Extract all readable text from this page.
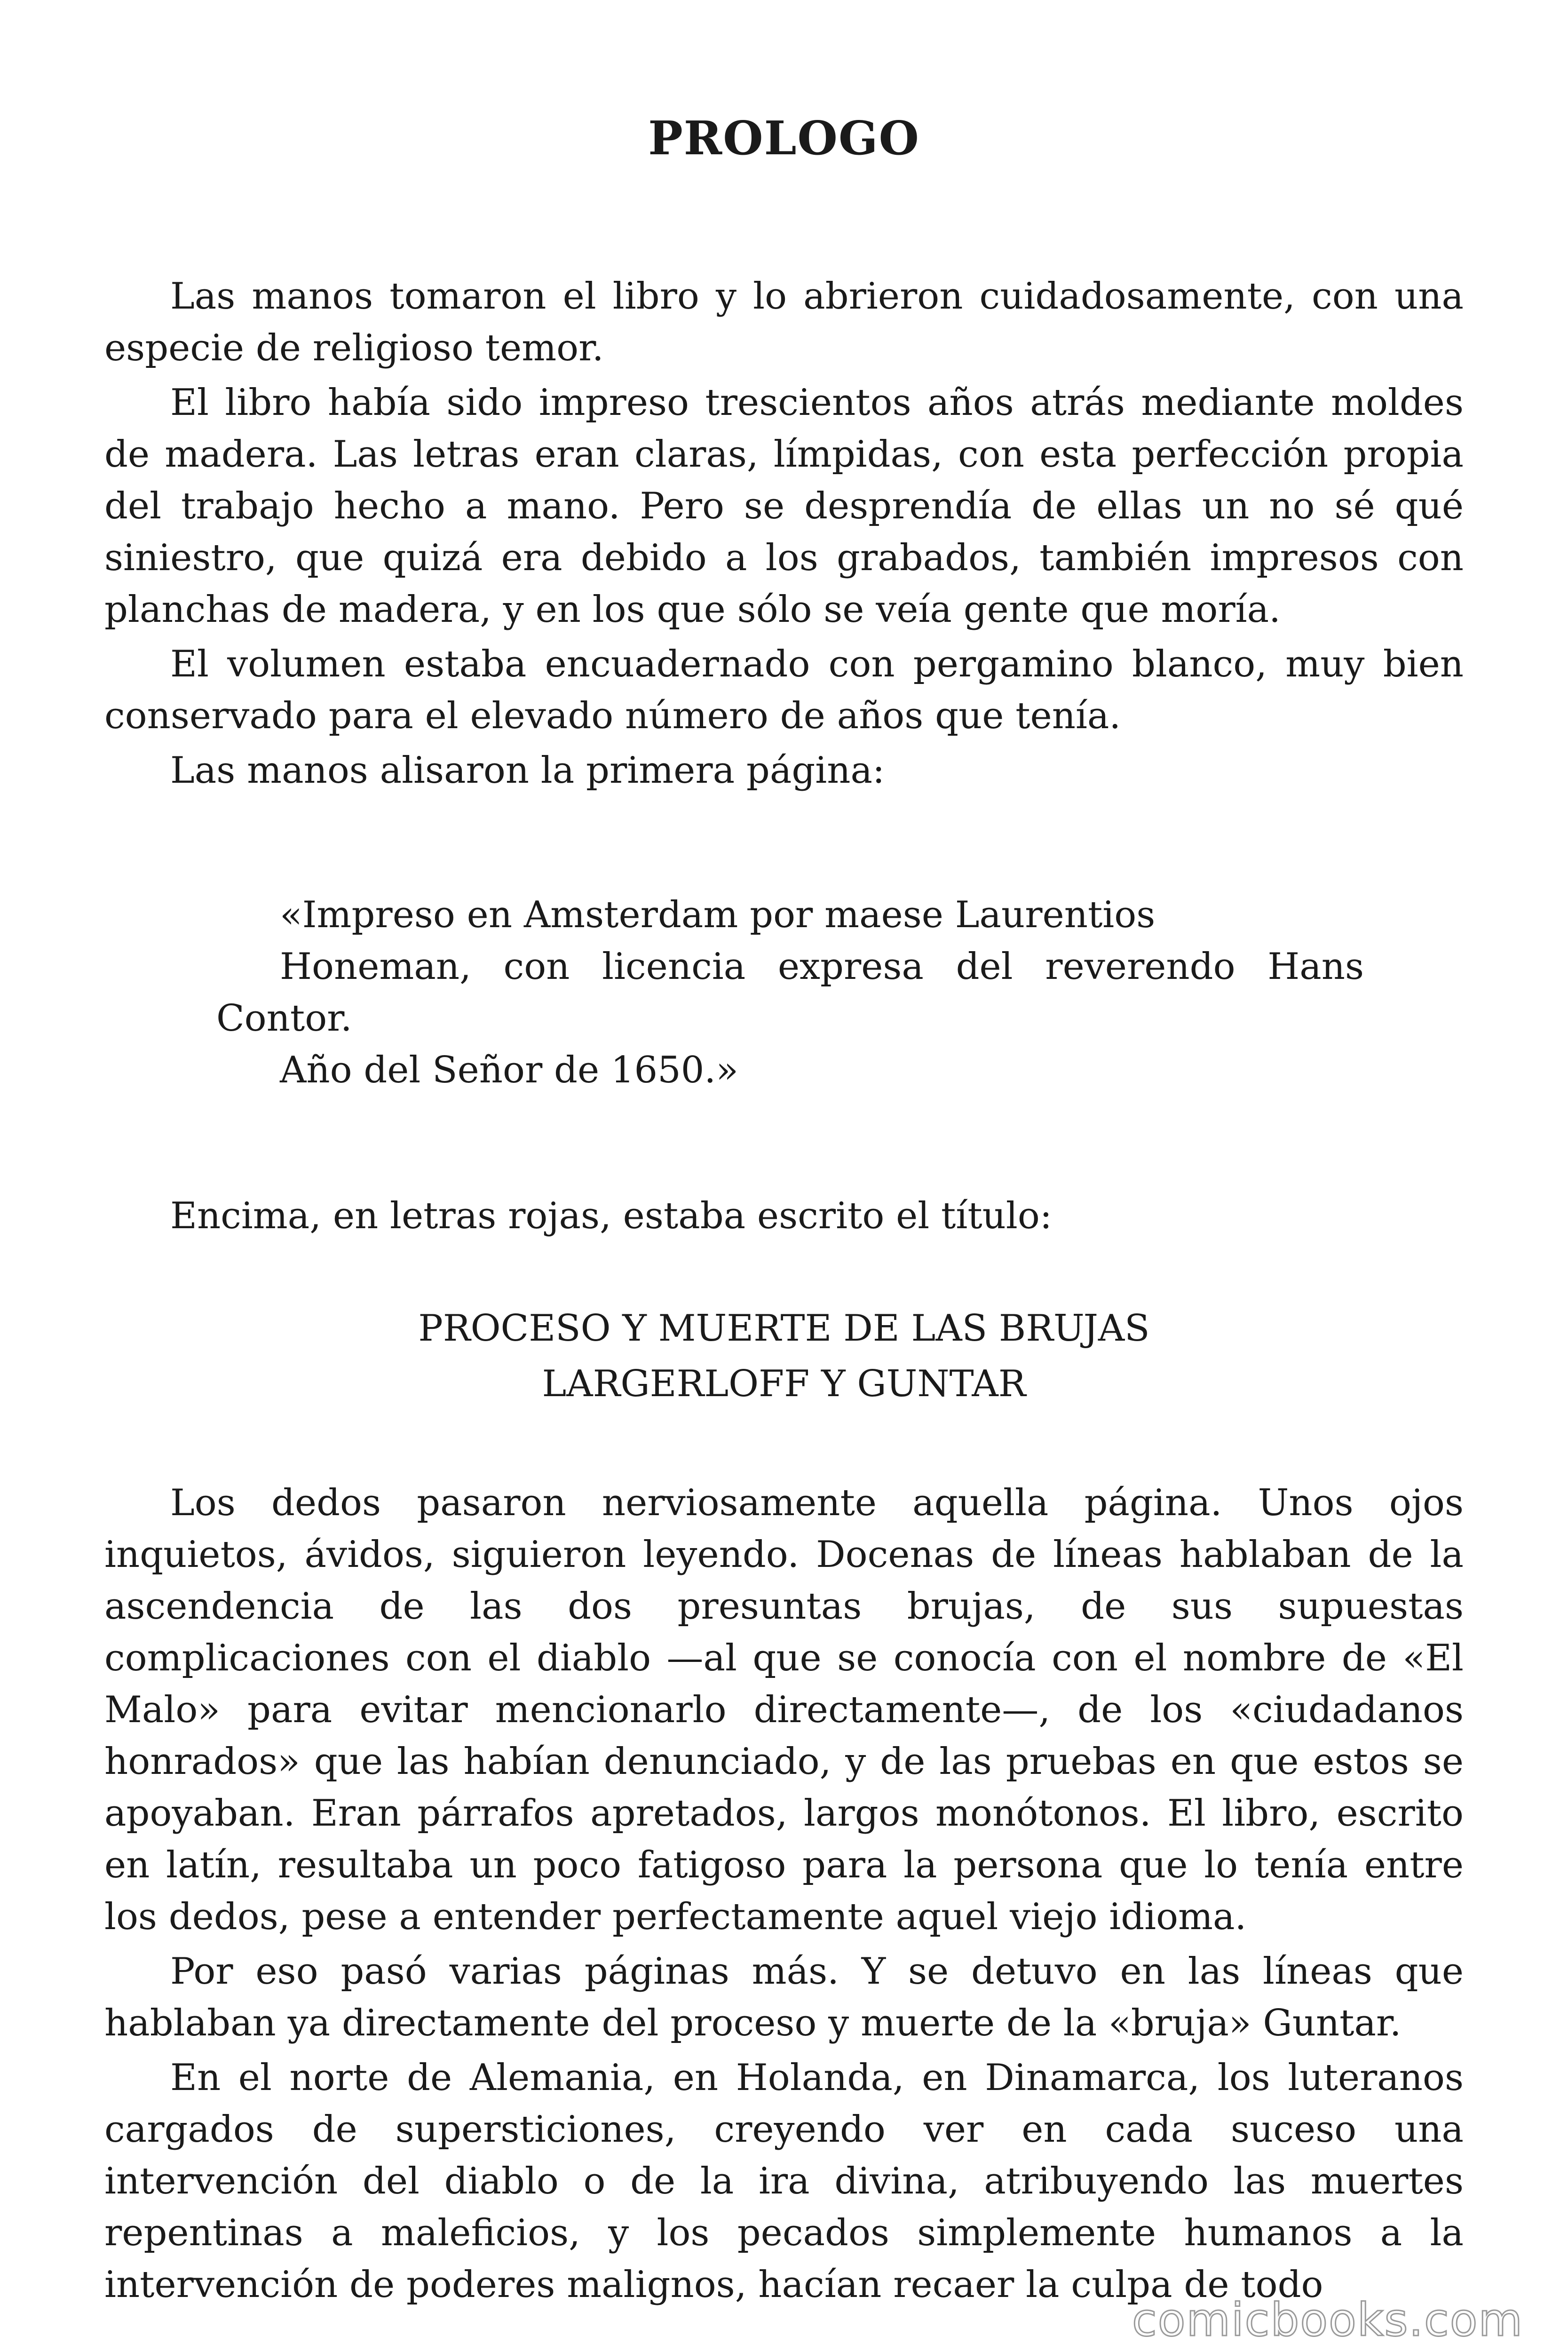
PROLOGO

Las manos tomaron el libro y lo abrieron cuidadosamente, con una especie de religioso temor.

El libro había sido impreso trescientos años atrás mediante moldes de madera. Las letras eran claras, límpidas, con esta perfección propia del trabajo hecho a mano. Pero se desprendía de ellas un no sé qué siniestro, que quizá era debido a los grabados, también impresos con planchas de madera, y en los que sólo se veía gente que moría.

El volumen estaba encuadernado con pergamino blanco, muy bien conservado para el elevado número de años que tenía.

Las manos alisaron la primera página:

«Impreso en Amsterdam por maese Laurentios

Honeman, con licencia expresa del reverendo Hans Contor.

Año del Señor de 1650.»

Encima, en letras rojas, estaba escrito el título:

PROCESO Y MUERTE DE LAS BRUJAS
LARGERLOFF Y GUNTAR

Los dedos pasaron nerviosamente aquella página. Unos ojos inquietos, ávidos, siguieron leyendo. Docenas de líneas hablaban de la ascendencia de las dos presuntas brujas, de sus supuestas complicaciones con el diablo —al que se conocía con el nombre de «El Malo» para evitar mencionarlo directamente—, de los «ciudadanos honrados» que las habían denunciado, y de las pruebas en que estos se apoyaban. Eran párrafos apretados, largos monótonos. El libro, escrito en latín, resultaba un poco fatigoso para la persona que lo tenía entre los dedos, pese a entender perfectamente aquel viejo idioma.

Por eso pasó varias páginas más. Y se detuvo en las líneas que hablaban ya directamente del proceso y muerte de la «bruja» Guntar.

En el norte de Alemania, en Holanda, en Dinamarca, los luteranos cargados de supersticiones, creyendo ver en cada suceso una intervención del diablo o de la ira divina, atribuyendo las muertes repentinas a maleficios, y los pecados simplemente humanos a la intervención de poderes malignos, hacían recaer la culpa de todo

comicbooks.com
